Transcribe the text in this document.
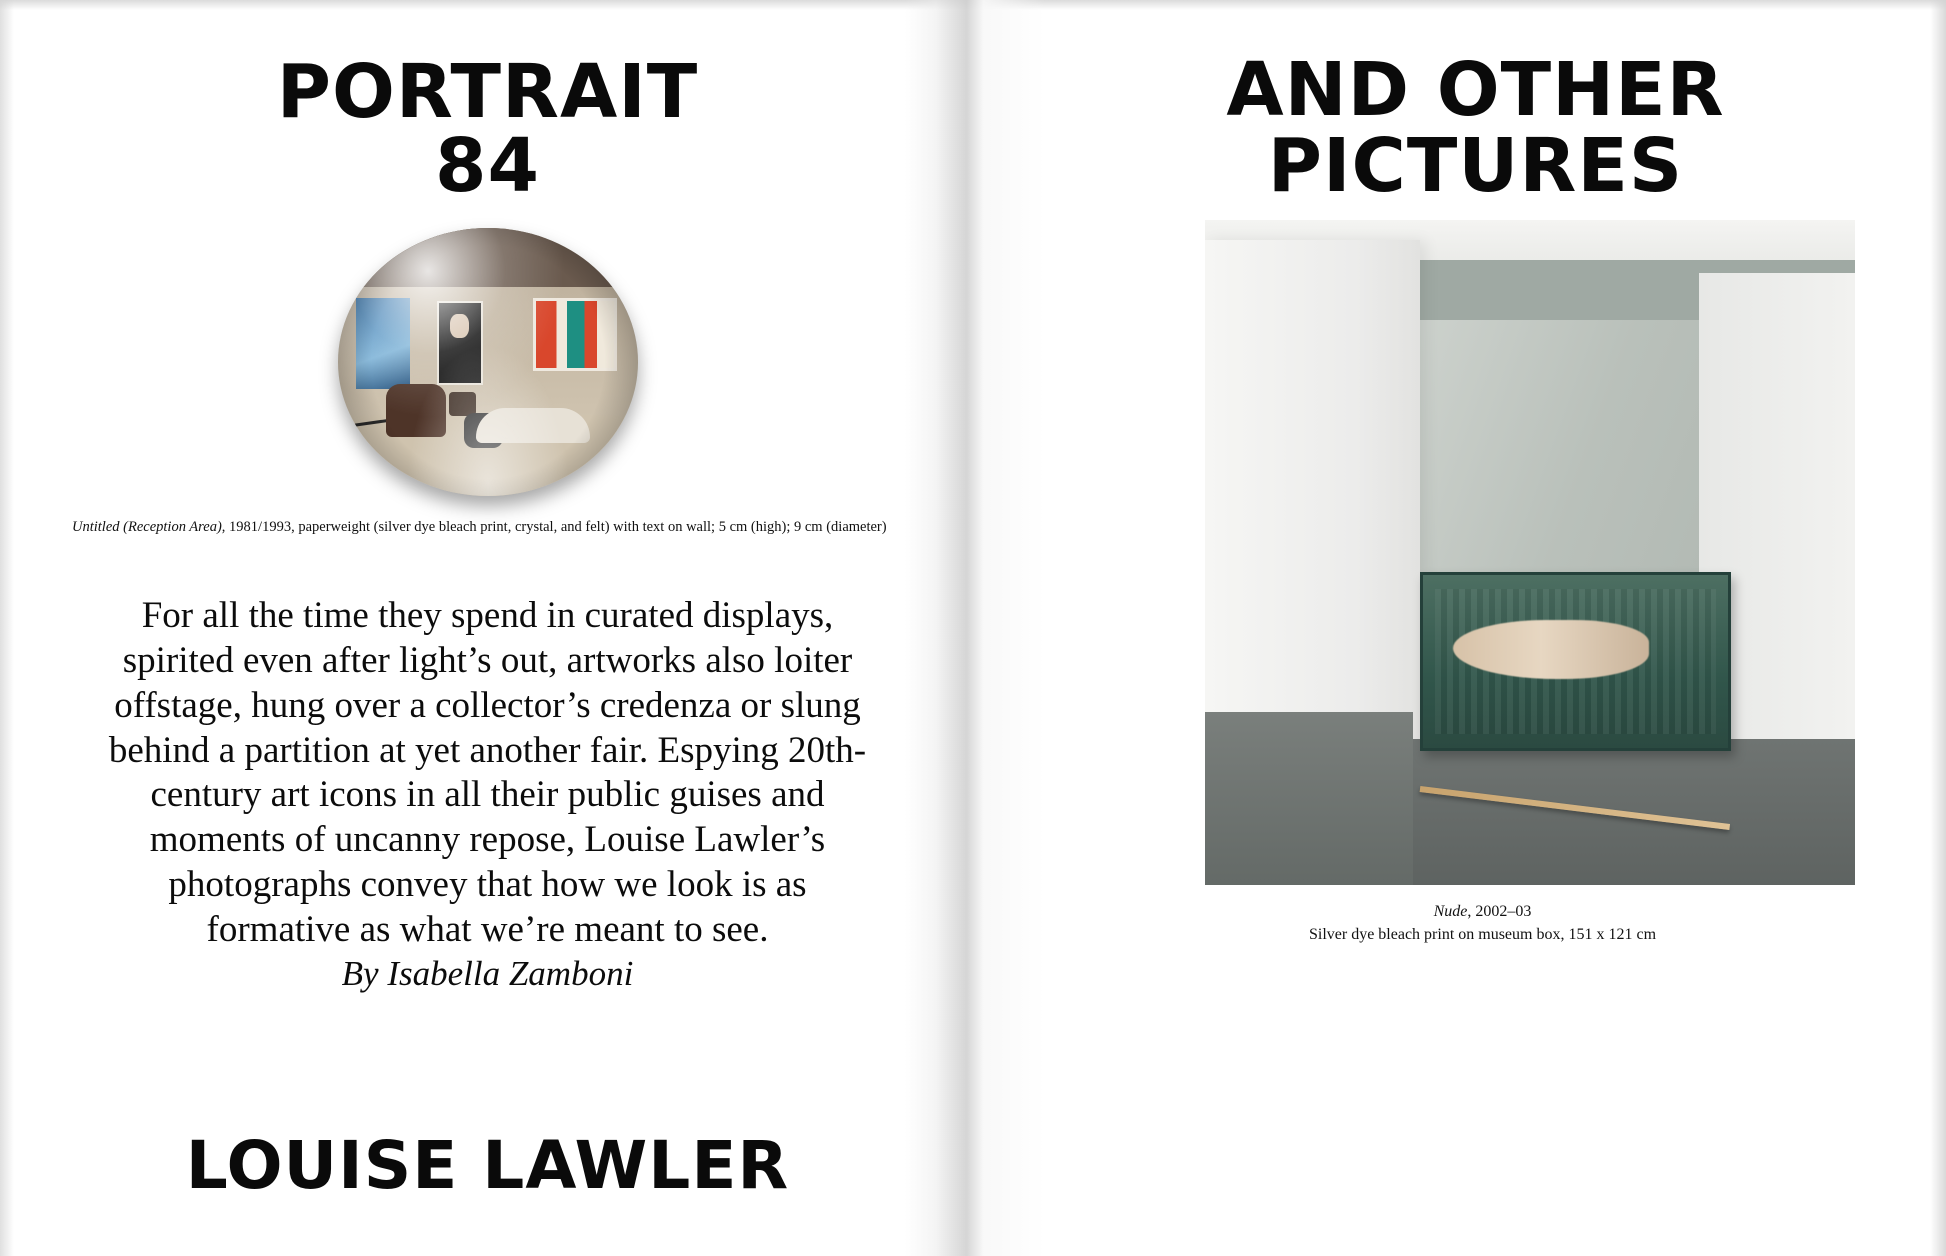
PORTRAIT
84
Untitled (Reception Area), 1981/1993, paperweight (silver dye bleach print, crystal, and felt) with text on wall; 5 cm (high); 9 cm (diameter)
For all the time they spend in curated displays, spirited even after light’s out, artworks also loiter offstage, hung over a collector’s credenza or slung behind a partition at yet another fair. Espying 20th-century art icons in all their public guises and moments of uncanny repose, Louise Lawler’s photographs convey that how we look is as formative as what we’re meant to see.
By Isabella Zamboni
LOUISE LAWLER
AND OTHER
PICTURES
Nude, 2002–03
Silver dye bleach print on museum box, 151 x 121 cm
